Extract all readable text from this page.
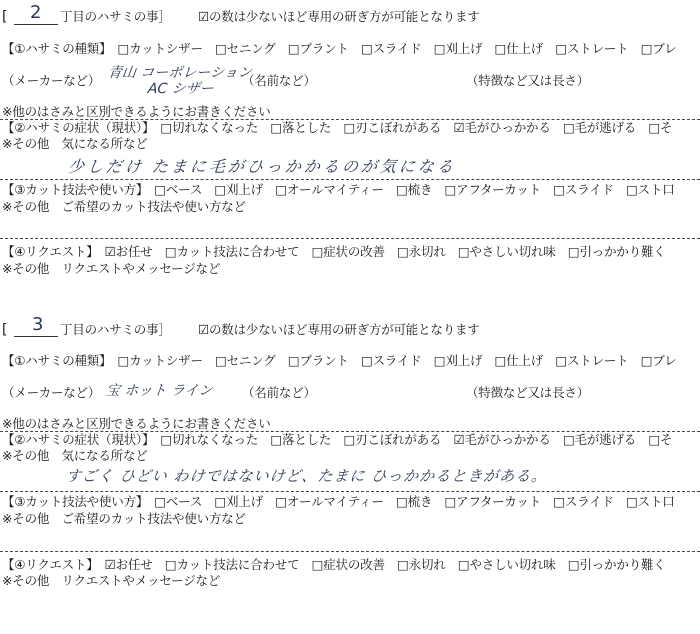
[ 2 丁目のハサミの事］ ☑の数は少ないほど専用の研ぎ方が可能となります
【①ハサミの種類】　□カットシザー　□セニング　□ブラント　□スライド　□刈上げ　□仕上げ　□ストレート　□ブレ
（メーカーなど） 青山 コーポレーション
AC シザー
（名前など）	（特徴など又は長さ）
※他のはさみと区別できるようにお書きください
【②ハサミの症状（現状）】　□切れなくなった　□落とした　□刃こぼれがある　☑毛がひっかかる　□毛が逃げる　□そ
※その他　気になる所など
少しだけ たまに毛がひっかかるのが気になる
【③カット技法や使い方】　□ベース　□刈上げ　□オールマイティー　□梳き　□アフターカット　□スライド　□スト口
※その他　ご希望のカット技法や使い方など
【④リクエスト】　☑お任せ　□カット技法に合わせて　□症状の改善　□永切れ　□やさしい切れ味　□引っかかり難く
※その他　リクエストやメッセージなど
[ 3 丁目のハサミの事］ ☑の数は少ないほど専用の研ぎ方が可能となります
【①ハサミの種類】　□カットシザー　□セニング　□ブラント　□スライド　□刈上げ　□仕上げ　□ストレート　□ブレ
（メーカーなど） 宝 ホット ライン （名前など）	（特徴など又は長さ）
※他のはさみと区別できるようにお書きください
【②ハサミの症状（現状）】　□切れなくなった　□落とした　□刃こぼれがある　☑毛がひっかかる　□毛が逃げる　□そ
※その他　気になる所など
すごく ひどい わけではないけど、たまに ひっかかるときがある。
【③カット技法や使い方】　□ベース　□刈上げ　□オールマイティー　□梳き　□アフターカット　□スライド　□スト口
※その他　ご希望のカット技法や使い方など
【④リクエスト】　☑お任せ　□カット技法に合わせて　□症状の改善　□永切れ　□やさしい切れ味　□引っかかり難く
※その他　リクエストやメッセージなど
